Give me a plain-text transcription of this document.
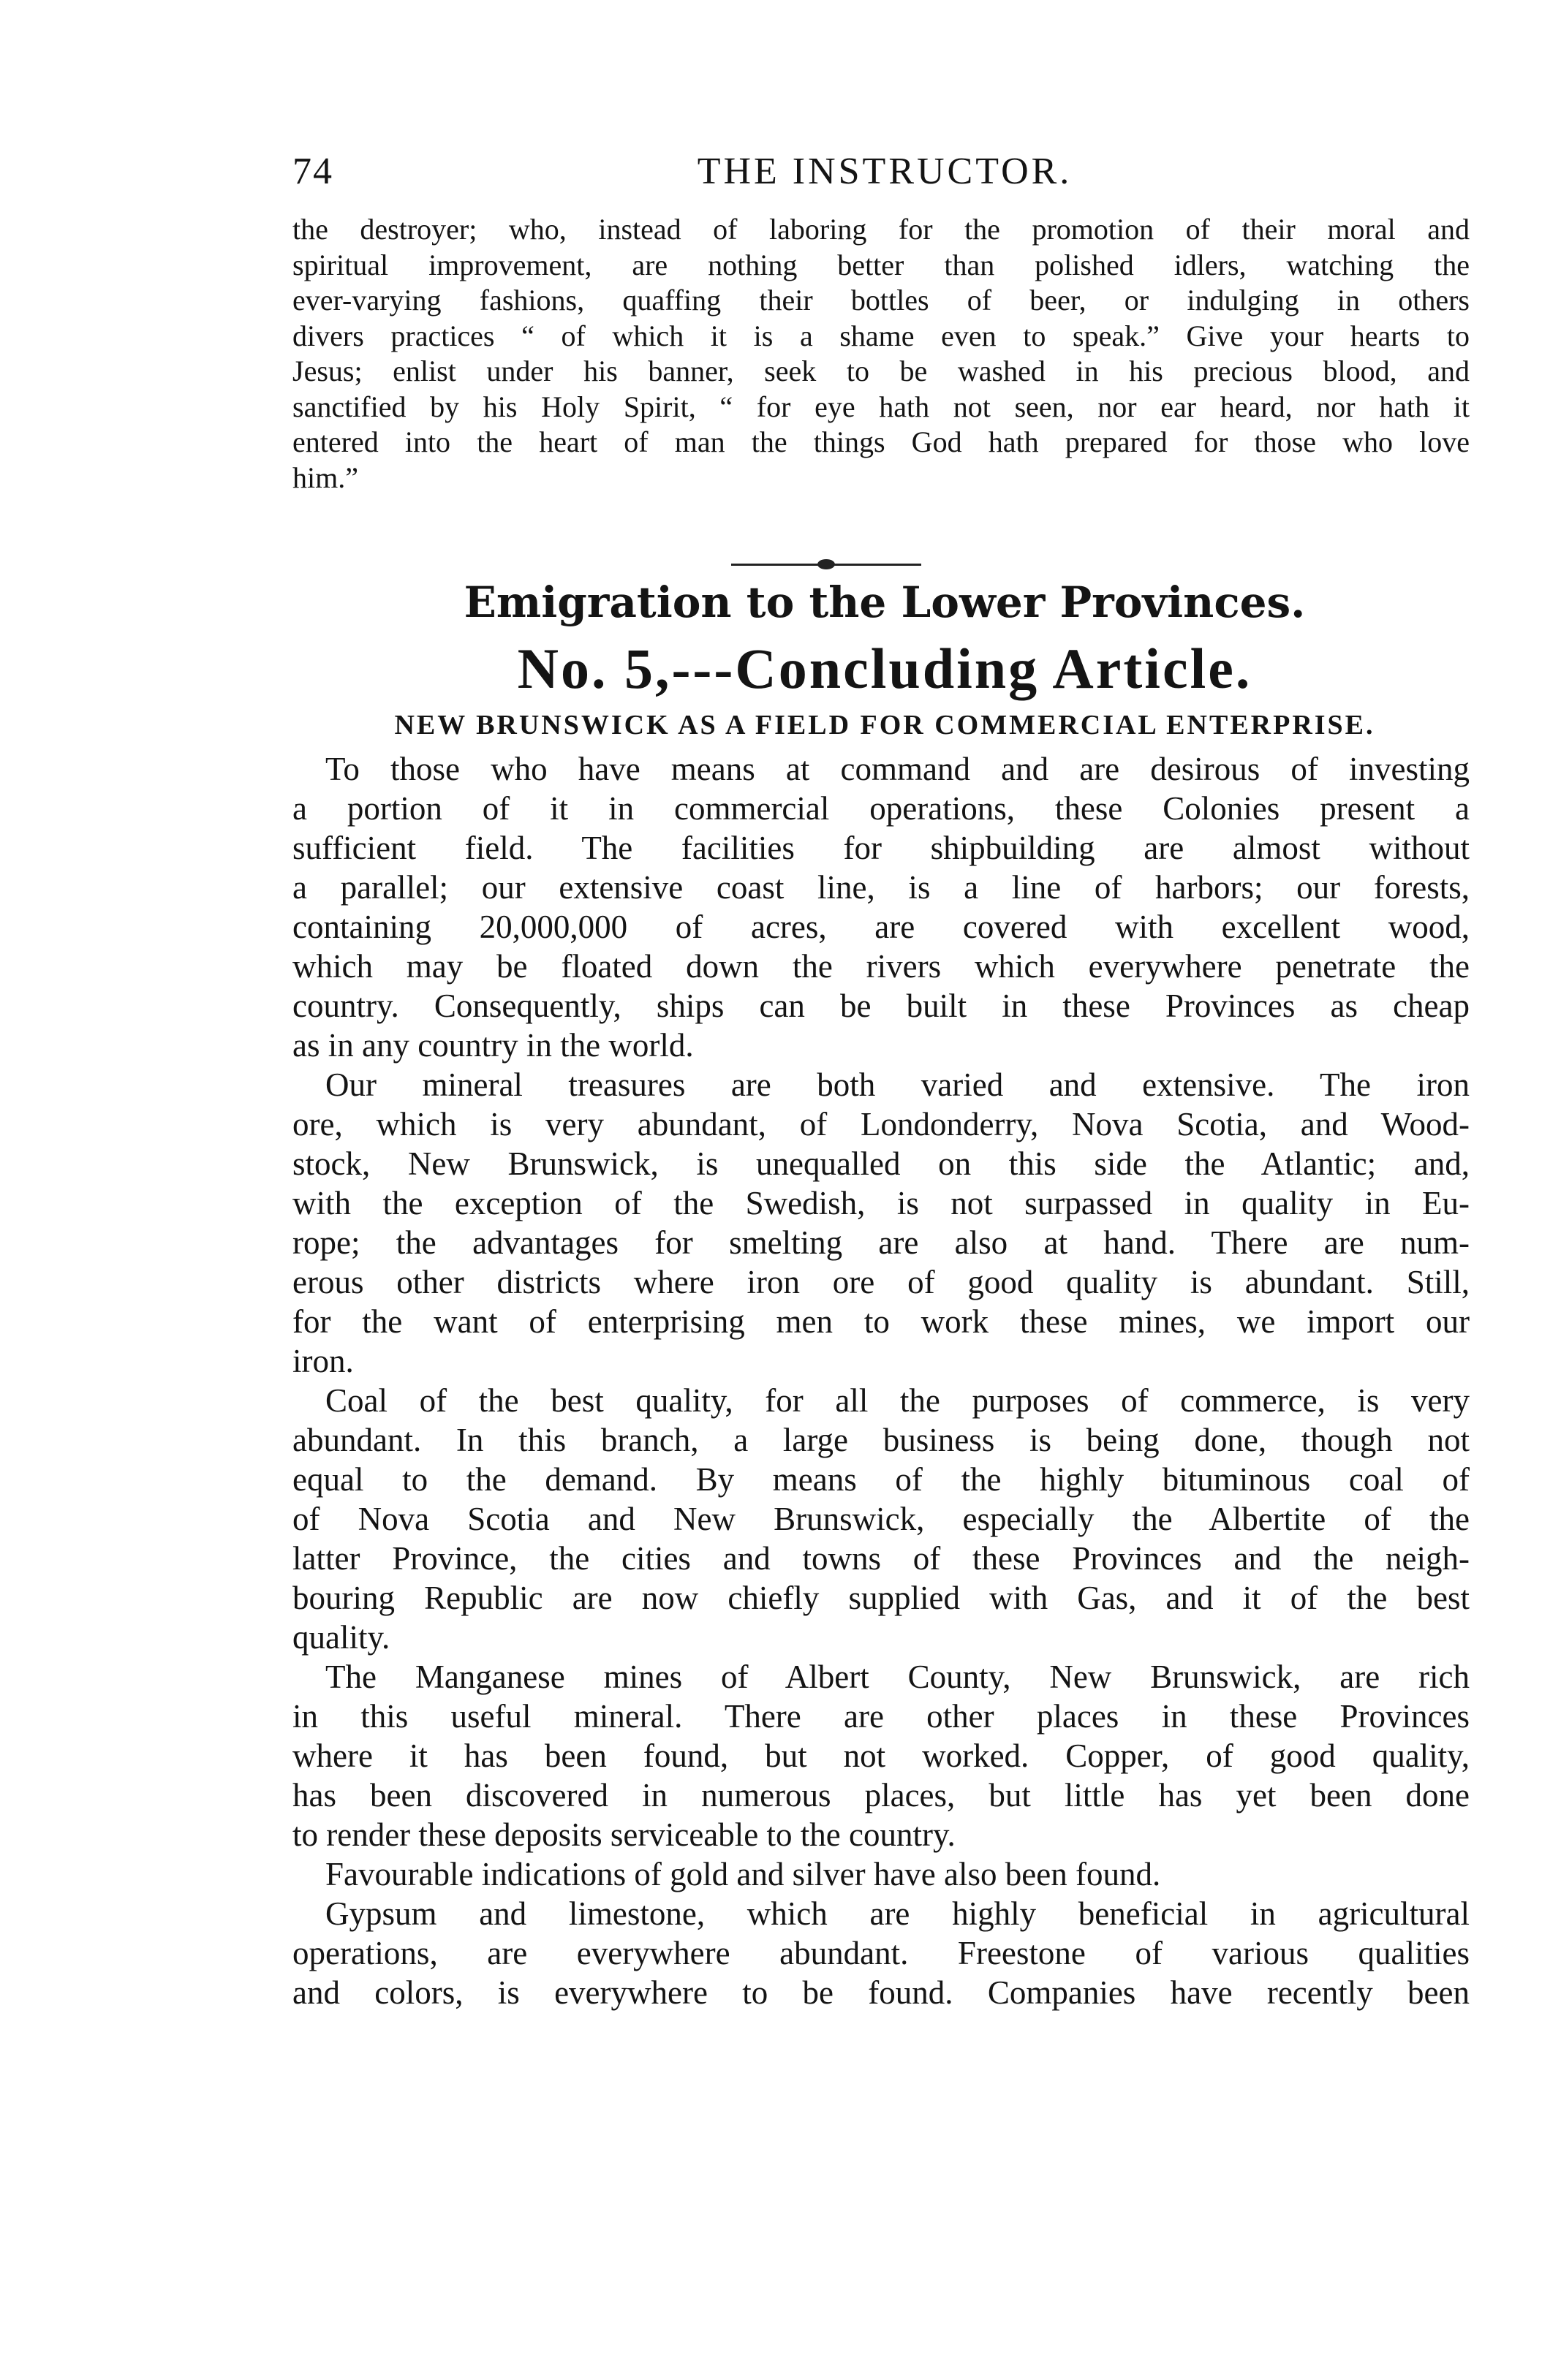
74	THE INSTRUCTOR.
the destroyer; who, instead of laboring for the promotion of their moral and
spiritual improvement, are nothing better than polished idlers, watching the
ever-varying fashions, quaffing their bottles of beer, or indulging in others
divers practices “ of which it is a shame even to speak.” Give your hearts to
Jesus; enlist under his banner, seek to be washed in his precious blood, and
sanctified by his Holy Spirit, “ for eye hath not seen, nor ear heard, nor hath it
entered into the heart of man the things God hath prepared for those who love
him.”
Emigration to the Lower Provinces.
No. 5,---Concluding Article.
NEW BRUNSWICK AS A FIELD FOR COMMERCIAL ENTERPRISE.
To those who have means at command and are desirous of investing
a portion of it in commercial operations, these Colonies present a
sufficient field. The facilities for shipbuilding are almost without
a parallel; our extensive coast line, is a line of harbors; our forests,
containing 20,000,000 of acres, are covered with excellent wood,
which may be floated down the rivers which everywhere penetrate the
country. Consequently, ships can be built in these Provinces as cheap
as in any country in the world.
Our mineral treasures are both varied and extensive. The iron
ore, which is very abundant, of Londonderry, Nova Scotia, and Wood-
stock, New Brunswick, is unequalled on this side the Atlantic; and,
with the exception of the Swedish, is not surpassed in quality in Eu-
rope; the advantages for smelting are also at hand. There are num-
erous other districts where iron ore of good quality is abundant. Still,
for the want of enterprising men to work these mines, we import our
iron.
Coal of the best quality, for all the purposes of commerce, is very
abundant. In this branch, a large business is being done, though not
equal to the demand. By means of the highly bituminous coal of
of Nova Scotia and New Brunswick, especially the Albertite of the
latter Province, the cities and towns of these Provinces and the neigh-
bouring Republic are now chiefly supplied with Gas, and it of the best
quality.
The Manganese mines of Albert County, New Brunswick, are rich
in this useful mineral. There are other places in these Provinces
where it has been found, but not worked. Copper, of good quality,
has been discovered in numerous places, but little has yet been done
to render these deposits serviceable to the country.
Favourable indications of gold and silver have also been found.
Gypsum and limestone, which are highly beneficial in agricultural
operations, are everywhere abundant. Freestone of various qualities
and colors, is everywhere to be found. Companies have recently been
